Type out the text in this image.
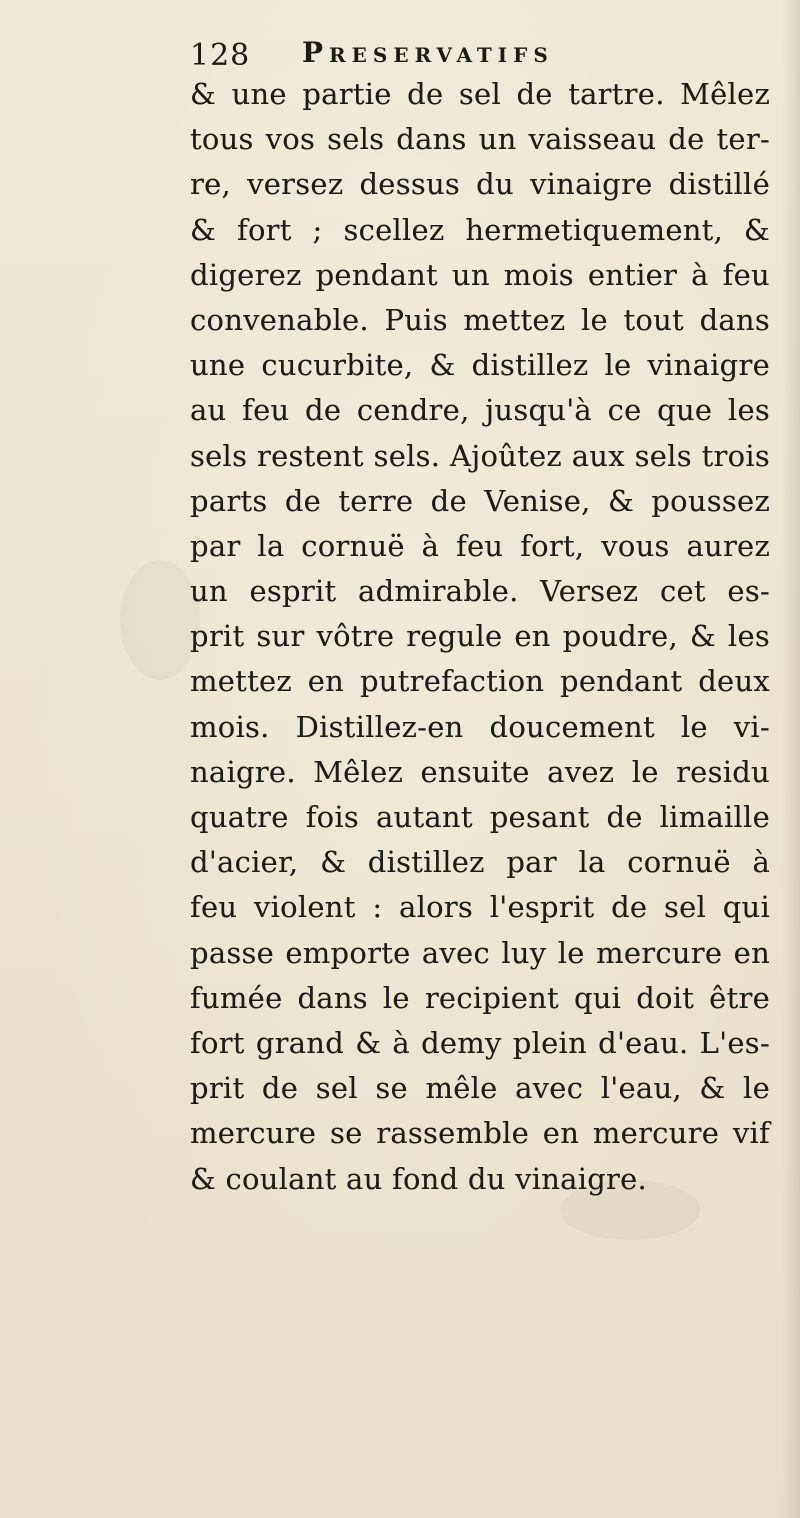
128 Preservatifs
& une partie de sel de tartre. Mêlez
tous vos sels dans un vaisseau de ter-
re, versez dessus du vinaigre distillé
& fort ; scellez hermetiquement, &
digerez pendant un mois entier à feu
convenable. Puis mettez le tout dans
une cucurbite, & distillez le vinaigre
au feu de cendre, jusqu'à ce que les
sels restent sels. Ajoûtez aux sels trois
parts de terre de Venise, & poussez
par la cornuë à feu fort, vous aurez
un esprit admirable. Versez cet es-
prit sur vôtre regule en poudre, & les
mettez en putrefaction pendant deux
mois. Distillez-en doucement le vi-
naigre. Mêlez ensuite avez le residu
quatre fois autant pesant de limaille
d'acier, & distillez par la cornuë à
feu violent : alors l'esprit de sel qui
passe emporte avec luy le mercure en
fumée dans le recipient qui doit être
fort grand & à demy plein d'eau. L'es-
prit de sel se mêle avec l'eau, & le
mercure se rassemble en mercure vif
& coulant au fond du vinaigre.
